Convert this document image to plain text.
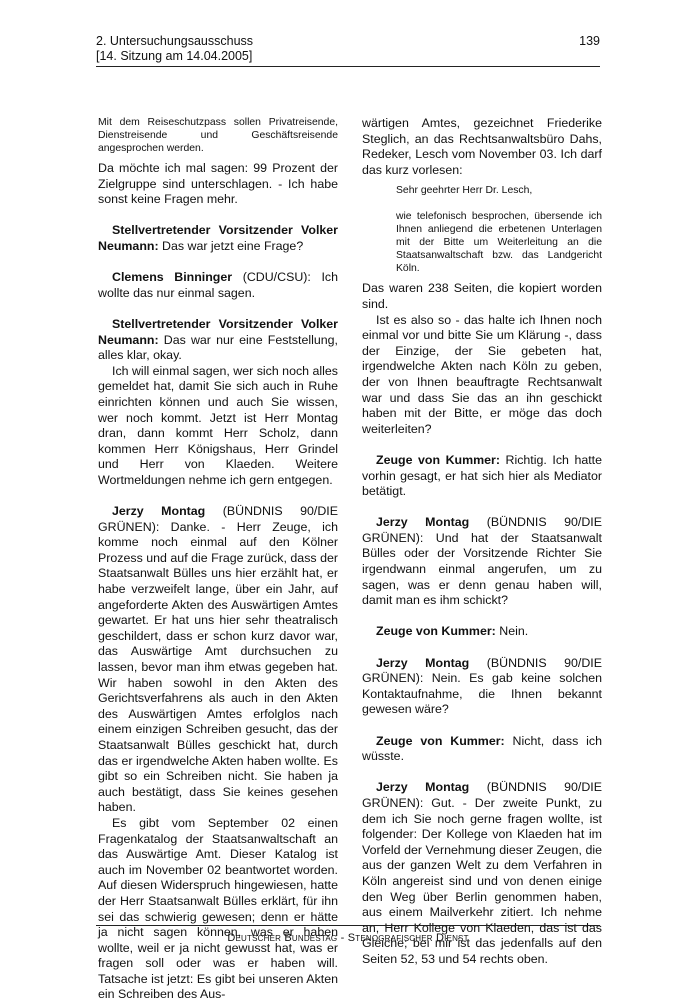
2. Untersuchungsausschuss
[14. Sitzung am 14.04.2005]
139

Mit dem Reiseschutzpass sollen Privatreisende, Dienstreisende und Geschäftsreisende angesprochen werden.

Da möchte ich mal sagen: 99 Prozent der Zielgruppe sind unterschlagen. - Ich habe sonst keine Fragen mehr.

Stellvertretender Vorsitzender Volker Neumann: Das war jetzt eine Frage?

Clemens Binninger (CDU/CSU): Ich wollte das nur einmal sagen.

Stellvertretender Vorsitzender Volker Neumann: Das war nur eine Feststellung, alles klar, okay.

Ich will einmal sagen, wer sich noch alles gemeldet hat, damit Sie sich auch in Ruhe einrichten können und auch Sie wissen, wer noch kommt. Jetzt ist Herr Montag dran, dann kommt Herr Scholz, dann kommen Herr Königshaus, Herr Grindel und Herr von Klaeden. Weitere Wortmeldungen nehme ich gern entgegen.

Jerzy Montag (BÜNDNIS 90/DIE GRÜNEN): Danke. - Herr Zeuge, ich komme noch einmal auf den Kölner Prozess und auf die Frage zurück, dass der Staatsanwalt Bülles uns hier erzählt hat, er habe verzweifelt lange, über ein Jahr, auf angeforderte Akten des Auswärtigen Amtes gewartet. Er hat uns hier sehr theatralisch geschildert, dass er schon kurz davor war, das Auswärtige Amt durchsuchen zu lassen, bevor man ihm etwas gegeben hat. Wir haben sowohl in den Akten des Gerichtsverfahrens als auch in den Akten des Auswärtigen Amtes erfolglos nach einem einzigen Schreiben gesucht, das der Staatsanwalt Bülles geschickt hat, durch das er irgendwelche Akten haben wollte. Es gibt so ein Schreiben nicht. Sie haben ja auch bestätigt, dass Sie keines gesehen haben.

Es gibt vom September 02 einen Fragenkatalog der Staatsanwaltschaft an das Auswärtige Amt. Dieser Katalog ist auch im November 02 beantwortet worden. Auf diesen Widerspruch hingewiesen, hatte der Herr Staatsanwalt Bülles erklärt, für ihn sei das schwierig gewesen; denn er hätte ja nicht sagen können, was er haben wollte, weil er ja nicht gewusst hat, was er fragen soll oder was er haben will. Tatsache ist jetzt: Es gibt bei unseren Akten ein Schreiben des Aus-

wärtigen Amtes, gezeichnet Friederike Steglich, an das Rechtsanwaltsbüro Dahs, Redeker, Lesch vom November 03. Ich darf das kurz vorlesen:

Sehr geehrter Herr Dr. Lesch,

wie telefonisch besprochen, übersende ich Ihnen anliegend die erbetenen Unterlagen mit der Bitte um Weiterleitung an die Staatsanwaltschaft bzw. das Landgericht Köln.

Das waren 238 Seiten, die kopiert worden sind.

Ist es also so - das halte ich Ihnen noch einmal vor und bitte Sie um Klärung -, dass der Einzige, der Sie gebeten hat, irgendwelche Akten nach Köln zu geben, der von Ihnen beauftragte Rechtsanwalt war und dass Sie das an ihn geschickt haben mit der Bitte, er möge das doch weiterleiten?

Zeuge von Kummer: Richtig. Ich hatte vorhin gesagt, er hat sich hier als Mediator betätigt.

Jerzy Montag (BÜNDNIS 90/DIE GRÜNEN): Und hat der Staatsanwalt Bülles oder der Vorsitzende Richter Sie irgendwann einmal angerufen, um zu sagen, was er denn genau haben will, damit man es ihm schickt?

Zeuge von Kummer: Nein.

Jerzy Montag (BÜNDNIS 90/DIE GRÜNEN): Nein. Es gab keine solchen Kontaktaufnahme, die Ihnen bekannt gewesen wäre?

Zeuge von Kummer: Nicht, dass ich wüsste.

Jerzy Montag (BÜNDNIS 90/DIE GRÜNEN): Gut. - Der zweite Punkt, zu dem ich Sie noch gerne fragen wollte, ist folgender: Der Kollege von Klaeden hat im Vorfeld der Vernehmung dieser Zeugen, die aus der ganzen Welt zu dem Verfahren in Köln angereist sind und von denen einige den Weg über Berlin genommen haben, aus einem Mailverkehr zitiert. Ich nehme an, Herr Kollege von Klaeden, das ist das Gleiche; bei mir ist das jedenfalls auf den Seiten 52, 53 und 54 rechts oben.

Deutscher Bundestag - Stenografischer Dienst
